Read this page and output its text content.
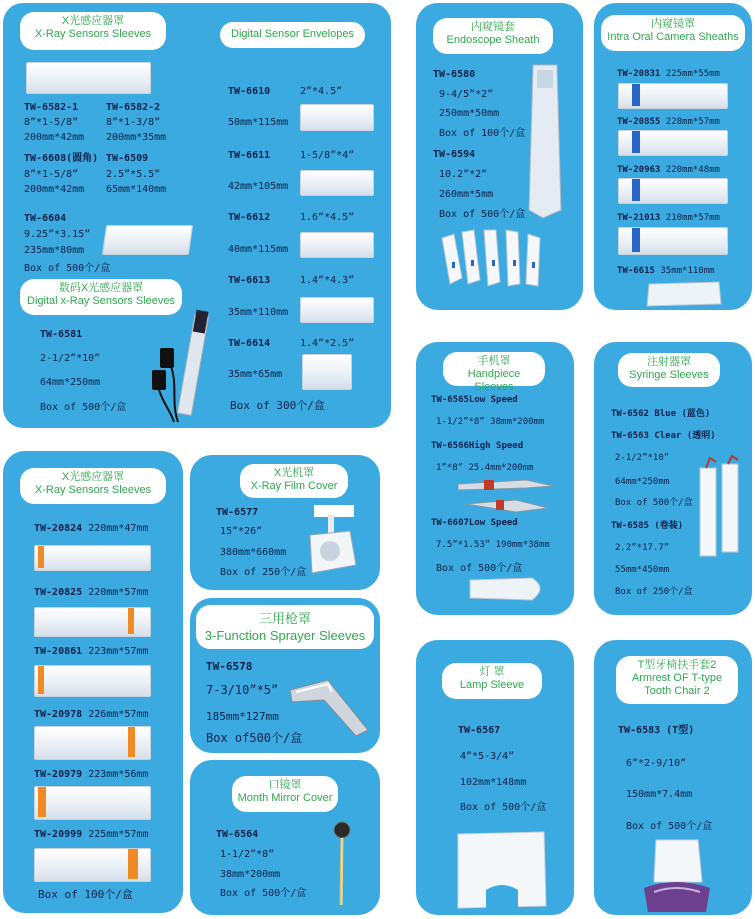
X光感应器罩
X-Ray Sensors Sleeves
TW-6582-1
8”*1-5/8”
200mm*42mm
TW-6582-2
8”*1-3/8”
200mm*35mm
TW-6608(圆角)
8”*1-5/8”
200mm*42mm
TW-6509
2.5”*5.5”
65mm*140mm
TW-6604
9.25”*3.15”
235mm*80mm
Box of 500个/盒
数码X光感应器罩
Digital x-Ray Sensors Sleeves
TW-6581
2-1/2”*10”
64mm*250mm
Box of 500个/盒
Digital Sensor Envelopes
TW-6610	2”*4.5”
50mm*115mm
TW-6611	1-5/8”*4”
42mm*105mm
TW-6612	1.6”*4.5”
40mm*115mm
TW-6613	1.4”*4.3”
35mm*110mm
TW-6614	1.4”*2.5”
35mm*65mm
Box of 300个/盒
内窥镜套
Endoscope Sheath
TW-6580
9-4/5”*2”
250mm*50mm
Box of 100个/盒
TW-6594
10.2”*2”
260mm*5mm
Box of 500个/盒
内窥镜罩
Intra Oral Camera Sheaths
TW-20831 225mm*55mm
TW-20855 228mm*57mm
TW-20963 220mm*48mm
TW-21013 210mm*57mm
TW-6615 35mm*110mm
X光感应器罩
X-Ray Sensors Sleeves
TW-20824 220mm*47mm
TW-20825 220mm*57mm
TW-20861 223mm*57mm
TW-20978 226mm*57mm
TW-20979 223mm*56mm
TW-20999 225mm*57mm
Box of 100个/盒
X光机罩
X-Ray Film Cover
TW-6577
15”*26”
380mm*660mm
Box of 250个/盒
三用枪罩
3-Function Sprayer Sleeves
TW-6578
7-3/10”*5”
185mm*127mm
Box of500个/盒
口镜罩
Month Mirror Cover
TW-6564
1-1/2”*8”
38mm*200mm
Box of 500个/盒
手机罩
Handpiece Sleeves
TW-6565Low Speed
1-1/2”*8” 38mm*200mm
TW-6566High Speed
1”*8” 25.4mm*200mm
TW-6607Low Speed
7.5”*1.53” 190mm*38mm
Box of 500个/盒
注射器罩
Syringe Sleeves
TW-6562 Blue (蓝色)
TW-6563 Clear (透明)
2-1/2”*10”
64mm*250mm
Box of 500个/盒
TW-6585 (卷装)
2.2”*17.7”
55mm*450mm
Box of 250个/盒
灯 罩
Lamp Sleeve
TW-6567
4”*5-3/4”
102mm*148mm
Box of 500个/盒
T型牙椅扶手套2
Armrest OF T-type
Tooth Chair 2
TW-6583 (T型)
6”*2-9/10”
150mm*7.4mm
Box of 500个/盒
